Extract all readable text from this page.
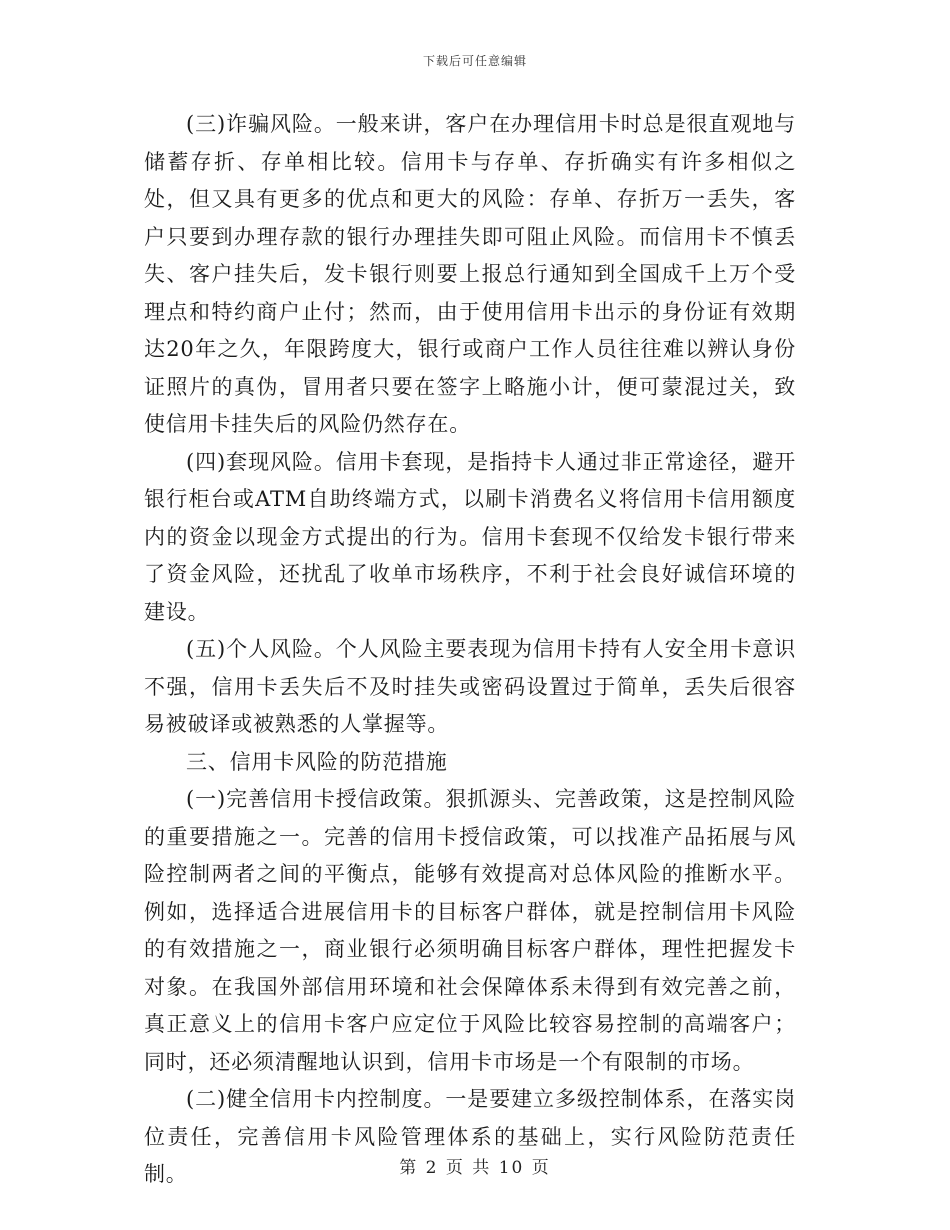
下载后可任意编辑

(三)诈骗风险。一般来讲，客户在办理信用卡时总是很直观地与储蓄存折、存单相比较。信用卡与存单、存折确实有许多相似之处，但又具有更多的优点和更大的风险：存单、存折万一丢失，客户只要到办理存款的银行办理挂失即可阻止风险。而信用卡不慎丢失、客户挂失后，发卡银行则要上报总行通知到全国成千上万个受理点和特约商户止付；然而，由于使用信用卡出示的身份证有效期达20年之久，年限跨度大，银行或商户工作人员往往难以辨认身份证照片的真伪，冒用者只要在签字上略施小计，便可蒙混过关，致使信用卡挂失后的风险仍然存在。

(四)套现风险。信用卡套现，是指持卡人通过非正常途径，避开银行柜台或ATM自助终端方式，以刷卡消费名义将信用卡信用额度内的资金以现金方式提出的行为。信用卡套现不仅给发卡银行带来了资金风险，还扰乱了收单市场秩序，不利于社会良好诚信环境的建设。

(五)个人风险。个人风险主要表现为信用卡持有人安全用卡意识不强，信用卡丢失后不及时挂失或密码设置过于简单，丢失后很容易被破译或被熟悉的人掌握等。

三、信用卡风险的防范措施

(一)完善信用卡授信政策。狠抓源头、完善政策，这是控制风险的重要措施之一。完善的信用卡授信政策，可以找准产品拓展与风险控制两者之间的平衡点，能够有效提高对总体风险的推断水平。例如，选择适合进展信用卡的目标客户群体，就是控制信用卡风险的有效措施之一，商业银行必须明确目标客户群体，理性把握发卡对象。在我国外部信用环境和社会保障体系未得到有效完善之前，真正意义上的信用卡客户应定位于风险比较容易控制的高端客户；同时，还必须清醒地认识到，信用卡市场是一个有限制的市场。

(二)健全信用卡内控制度。一是要建立多级控制体系，在落实岗位责任，完善信用卡风险管理体系的基础上，实行风险防范责任制。	第 2 页 共 10 页
